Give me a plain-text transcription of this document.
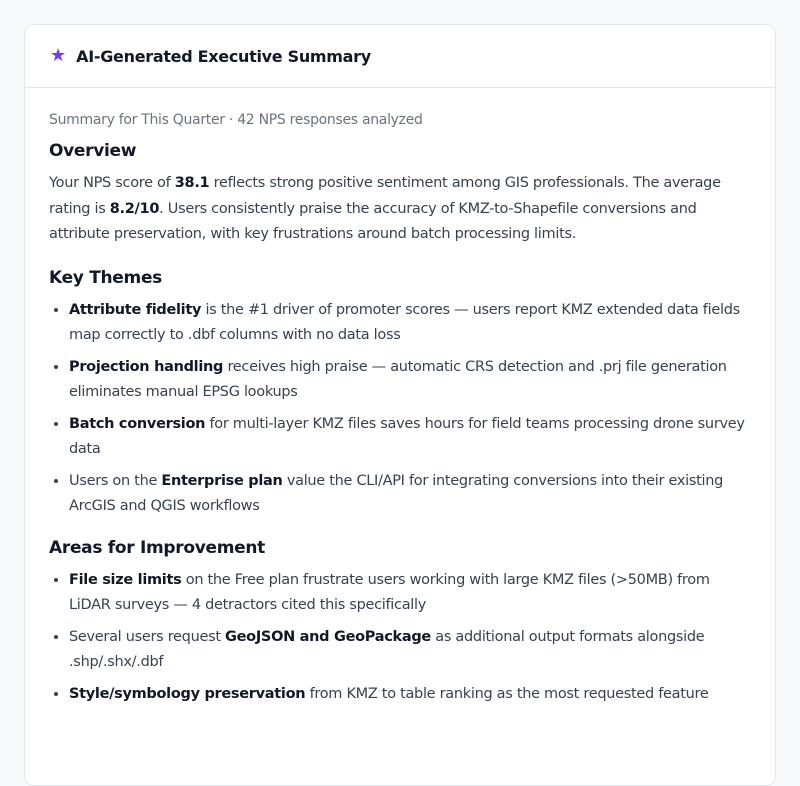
★ AI-Generated Executive Summary
Summary for This Quarter · 42 NPS responses analyzed
Overview

Your NPS score of 38.1 reflects strong positive sentiment among GIS professionals. The average rating is 8.2/10. Users consistently praise the accuracy of KMZ-to-Shapefile conversions and attribute preservation, with key frustrations around batch processing limits.

Key Themes
• Attribute fidelity is the #1 driver of promoter scores — users report KMZ extended data fields map correctly to .dbf columns with no data loss
• Projection handling receives high praise — automatic CRS detection and .prj file generation eliminates manual EPSG lookups
• Batch conversion for multi-layer KMZ files saves hours for field teams processing drone survey data
• Users on the Enterprise plan value the CLI/API for integrating conversions into their existing ArcGIS and QGIS workflows
Areas for Improvement
• File size limits on the Free plan frustrate users working with large KMZ files (>50MB) from LiDAR surveys — 4 detractors cited this specifically
• Several users request GeoJSON and GeoPackage as additional output formats alongside .shp/.shx/.dbf
• Style/symbology preservation from KMZ to table ranking as the most requested feature
